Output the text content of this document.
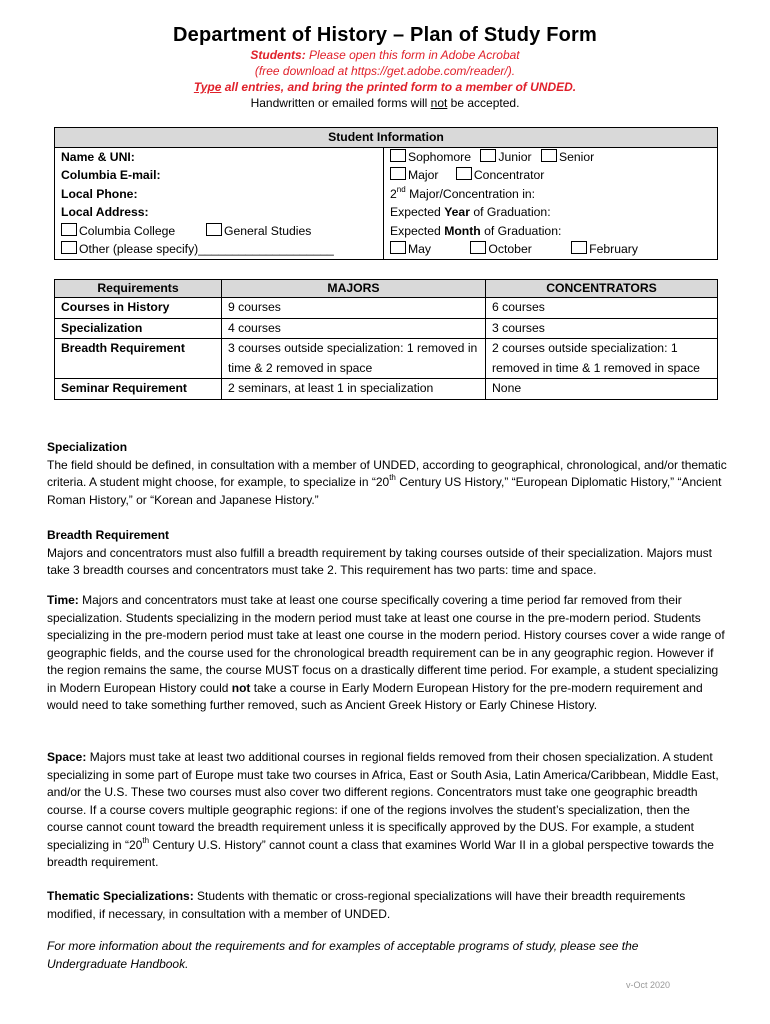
Department of History – Plan of Study Form
Students: Please open this form in Adobe Acrobat
(free download at https://get.adobe.com/reader/).
Type all entries, and bring the printed form to a member of UNDED.
Handwritten or emailed forms will not be accepted.
Student Information

Name & UNI:
Columbia E-mail:
Local Phone:
Local Address:
Columbia College	General Studies
Other (please specify)____________________

Sophomore Junior Senior
Major	Concentrator
2nd Major/Concentration in:
Expected Year of Graduation:
Expected Month of Graduation:
May	October	February
Requirements	MAJORS	CONCENTRATORS
Courses in History	9 courses	6 courses
Specialization	4 courses	3 courses
Breadth Requirement	3 courses outside specialization: 1 removed in time & 2 removed in space	2 courses outside specialization: 1 removed in time & 1 removed in space
Seminar Requirement	2 seminars, at least 1 in specialization	None

Specialization

The field should be defined, in consultation with a member of UNDED, according to geographical, chronological, and/or thematic criteria. A student might choose, for example, to specialize in “20th Century US History,” “European Diplomatic History,” “Ancient Roman History,” or “Korean and Japanese History.”

Breadth Requirement

Majors and concentrators must also fulfill a breadth requirement by taking courses outside of their specialization. Majors must take 3 breadth courses and concentrators must take 2. This requirement has two parts: time and space.

Time: Majors and concentrators must take at least one course specifically covering a time period far removed from their specialization. Students specializing in the modern period must take at least one course in the pre-modern period. Students specializing in the pre-modern period must take at least one course in the modern period. History courses cover a wide range of geographic fields, and the course used for the chronological breadth requirement can be in any geographic region. However if the region remains the same, the course MUST focus on a drastically different time period. For example, a student specializing in Modern European History could not take a course in Early Modern European History for the pre-modern requirement and would need to take something further removed, such as Ancient Greek History or Early Chinese History.

Space: Majors must take at least two additional courses in regional fields removed from their chosen specialization. A student specializing in some part of Europe must take two courses in Africa, East or South Asia, Latin America/Caribbean, Middle East, and/or the U.S. These two courses must also cover two different regions. Concentrators must take one geographic breadth course. If a course covers multiple geographic regions: if one of the regions involves the student’s specialization, then the course cannot count toward the breadth requirement unless it is specifically approved by the DUS. For example, a student specializing in “20th Century U.S. History” cannot count a class that examines World War II in a global perspective towards the breadth requirement.

Thematic Specializations: Students with thematic or cross-regional specializations will have their breadth requirements modified, if necessary, in consultation with a member of UNDED.

For more information about the requirements and for examples of acceptable programs of study, please see the Undergraduate Handbook.
v-Oct 2020
